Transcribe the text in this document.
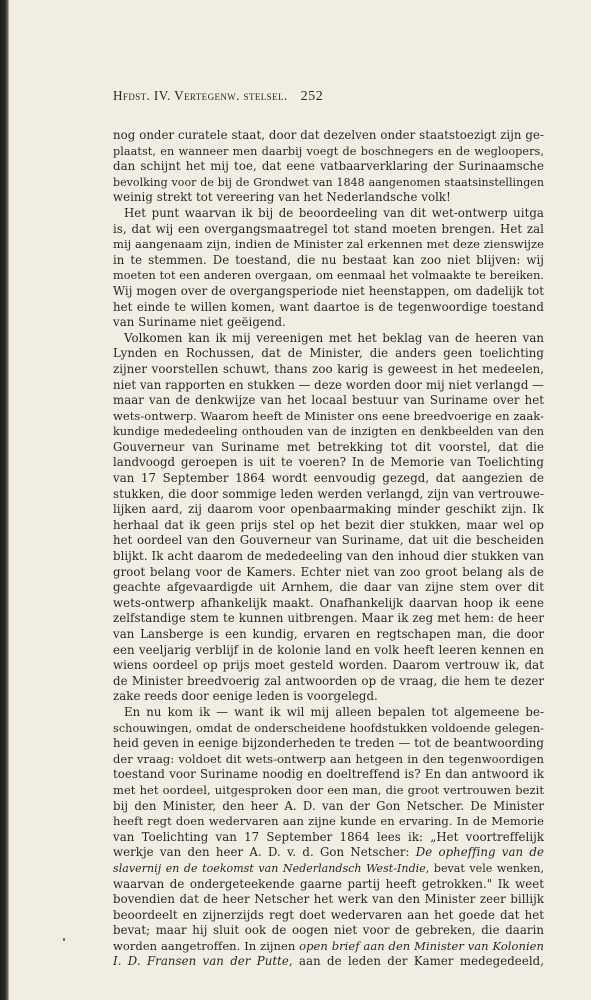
Hfdst. IV. Vertegenw. stelsel. 252
nog onder curatele staat, door dat dezelven onder staatstoezigt zijn ge-
plaatst, en wanneer men daarbij voegt de boschnegers en de wegloopers,
dan schijnt het mij toe, dat eene vatbaarverklaring der Surinaamsche
bevolking voor de bij de Grondwet van 1848 aangenomen staatsinstellingen
weinig strekt tot vereering van het Nederlandsche volk!
Het punt waarvan ik bij de beoordeeling van dit wet-ontwerp uitga
is, dat wij een overgangsmaatregel tot stand moeten brengen. Het zal
mij aangenaam zijn, indien de Minister zal erkennen met deze zienswijze
in te stemmen. De toestand, die nu bestaat kan zoo niet blijven: wij
moeten tot een anderen overgaan, om eenmaal het volmaakte te bereiken.
Wij mogen over de overgangsperiode niet heenstappen, om dadelijk tot
het einde te willen komen, want daartoe is de tegenwoordige toestand
van Suriname niet geëigend.
Volkomen kan ik mij vereenigen met het beklag van de heeren van
Lynden en Rochussen, dat de Minister, die anders geen toelichting
zijner voorstellen schuwt, thans zoo karig is geweest in het medeelen,
niet van rapporten en stukken — deze worden door mij niet verlangd —
maar van de denkwijze van het locaal bestuur van Suriname over het
wets-ontwerp. Waarom heeft de Minister ons eene breedvoerige en zaak-
kundige mededeeling onthouden van de inzigten en denkbeelden van den
Gouverneur van Suriname met betrekking tot dit voorstel, dat die
landvoogd geroepen is uit te voeren? In de Memorie van Toelichting
van 17 September 1864 wordt eenvoudig gezegd, dat aangezien de
stukken, die door sommige leden werden verlangd, zijn van vertrouwe-
lijken aard, zij daarom voor openbaarmaking minder geschikt zijn. Ik
herhaal dat ik geen prijs stel op het bezit dier stukken, maar wel op
het oordeel van den Gouverneur van Suriname, dat uit die bescheiden
blijkt. Ik acht daarom de mededeeling van den inhoud dier stukken van
groot belang voor de Kamers. Echter niet van zoo groot belang als de
geachte afgevaardigde uit Arnhem, die daar van zijne stem over dit
wets-ontwerp afhankelijk maakt. Onafhankelijk daarvan hoop ik eene
zelfstandige stem te kunnen uitbrengen. Maar ik zeg met hem: de heer
van Lansberge is een kundig, ervaren en regtschapen man, die door
een veeljarig verblijf in de kolonie land en volk heeft leeren kennen en
wiens oordeel op prijs moet gesteld worden. Daarom vertrouw ik, dat
de Minister breedvoerig zal antwoorden op de vraag, die hem te dezer
zake reeds door eenige leden is voorgelegd.
En nu kom ik — want ik wil mij alleen bepalen tot algemeene be-
schouwingen, omdat de onderscheidene hoofdstukken voldoende gelegen-
heid geven in eenige bijzonderheden te treden — tot de beantwoording
der vraag: voldoet dit wets-ontwerp aan hetgeen in den tegenwoordigen
toestand voor Suriname noodig en doeltreffend is? En dan antwoord ik
met het oordeel, uitgesproken door een man, die groot vertrouwen bezit
bij den Minister, den heer A. D. van der Gon Netscher. De Minister
heeft regt doen wedervaren aan zijne kunde en ervaring. In de Memorie
van Toelichting van 17 September 1864 lees ik: „Het voortreffelijk
werkje van den heer A. D. v. d. Gon Netscher: De opheffing van de
slavernij en de toekomst van Nederlandsch West-Indie, bevat vele wenken,
waarvan de ondergeteekende gaarne partij heeft getrokken." Ik weet
bovendien dat de heer Netscher het werk van den Minister zeer billijk
beoordeelt en zijnerzijds regt doet wedervaren aan het goede dat het
bevat; maar hij sluit ook de oogen niet voor de gebreken, die daarin
worden aangetroffen. In zijnen open brief aan den Minister van Kolonien
I. D. Fransen van der Putte, aan de leden der Kamer medegedeeld,
